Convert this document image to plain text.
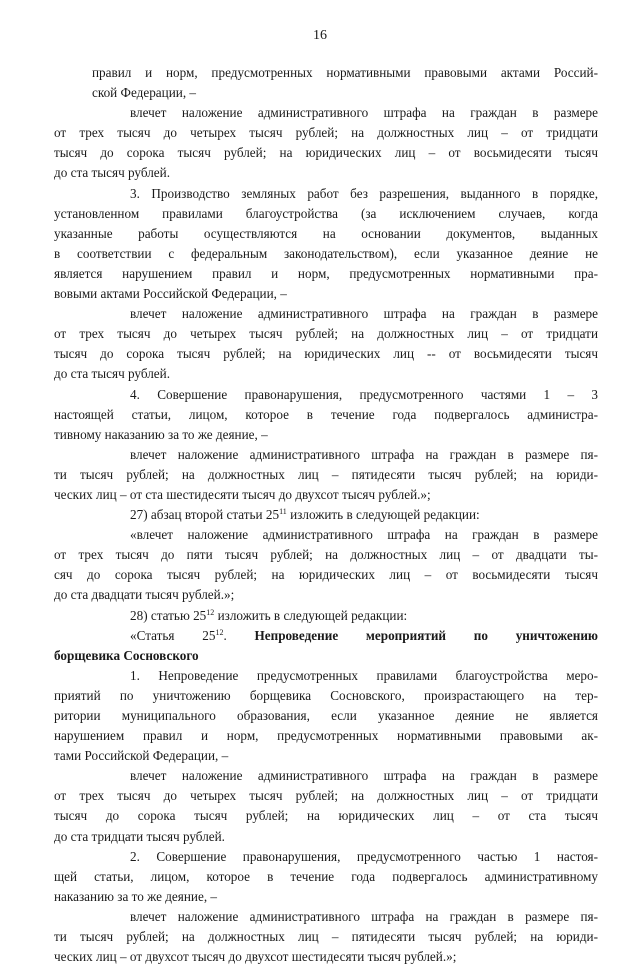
16
правил и норм, предусмотренных нормативными правовыми актами Россий-
ской Федерации, –
влечет наложение административного штрафа на граждан в размере
от трех тысяч до четырех тысяч рублей; на должностных лиц – от тридцати
тысяч до сорока тысяч рублей; на юридических лиц – от восьмидесяти тысяч
до ста тысяч рублей.
3. Производство земляных работ без разрешения, выданного в порядке,
установленном правилами благоустройства (за исключением случаев, когда
указанные работы осуществляются на основании документов, выданных
в соответствии с федеральным законодательством), если указанное деяние не
является нарушением правил и норм, предусмотренных нормативными пра-
вовыми актами Российской Федерации, –
влечет наложение административного штрафа на граждан в размере
от трех тысяч до четырех тысяч рублей; на должностных лиц – от тридцати
тысяч до сорока тысяч рублей; на юридических лиц -- от восьмидесяти тысяч
до ста тысяч рублей.
4. Совершение правонарушения, предусмотренного частями 1 – 3
настоящей статьи, лицом, которое в течение года подвергалось администра-
тивному наказанию за то же деяние, –
влечет наложение административного штрафа на граждан в размере пя-
ти тысяч рублей; на должностных лиц – пятидесяти тысяч рублей; на юриди-
ческих лиц – от ста шестидесяти тысяч до двухсот тысяч рублей.»;
27) абзац второй статьи $25^{11}$ изложить в следующей редакции:
«влечет наложение административного штрафа на граждан в размере
от трех тысяч до пяти тысяч рублей; на должностных лиц – от двадцати ты-
сяч до сорока тысяч рублей; на юридических лиц – от восьмидесяти тысяч
до ста двадцати тысяч рублей.»;
28) статью $25^{12}$ изложить в следующей редакции:
«Статья $25^{12}$. Непроведение мероприятий по уничтожению
борщевика Сосновского
1. Непроведение предусмотренных правилами благоустройства меро-
приятий по уничтожению борщевика Сосновского, произрастающего на тер-
ритории муниципального образования, если указанное деяние не является
нарушением правил и норм, предусмотренных нормативными правовыми ак-
тами Российской Федерации, –
влечет наложение административного штрафа на граждан в размере
от трех тысяч до четырех тысяч рублей; на должностных лиц – от тридцати
тысяч до сорока тысяч рублей; на юридических лиц – от ста тысяч
до ста тридцати тысяч рублей.
2. Совершение правонарушения, предусмотренного частью 1 настоя-
щей статьи, лицом, которое в течение года подвергалось административному
наказанию за то же деяние, –
влечет наложение административного штрафа на граждан в размере пя-
ти тысяч рублей; на должностных лиц – пятидесяти тысяч рублей; на юриди-
ческих лиц – от двухсот тысяч до двухсот шестидесяти тысяч рублей.»;
